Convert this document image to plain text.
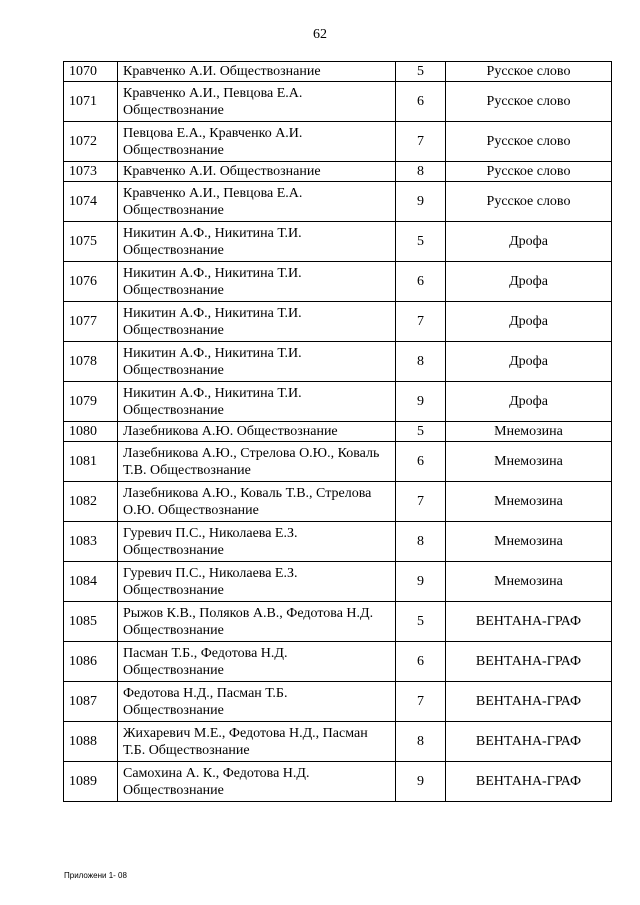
62
1070	Кравченко А.И. Обществознание	5	Русское слово
1071	Кравченко А.И., Певцова Е.А. Обществознание	6	Русское слово
1072	Певцова Е.А., Кравченко А.И. Обществознание	7	Русское слово
1073	Кравченко А.И. Обществознание	8	Русское слово
1074	Кравченко А.И., Певцова Е.А. Обществознание	9	Русское слово
1075	Никитин А.Ф., Никитина Т.И. Обществознание	5	Дрофа
1076	Никитин А.Ф., Никитина Т.И. Обществознание	6	Дрофа
1077	Никитин А.Ф., Никитина Т.И. Обществознание	7	Дрофа
1078	Никитин А.Ф., Никитина Т.И. Обществознание	8	Дрофа
1079	Никитин А.Ф., Никитина Т.И. Обществознание	9	Дрофа
1080	Лазебникова А.Ю. Обществознание	5	Мнемозина
1081	Лазебникова А.Ю., Стрелова О.Ю., Коваль Т.В. Обществознание	6	Мнемозина
1082	Лазебникова А.Ю., Коваль Т.В., Стрелова О.Ю. Обществознание	7	Мнемозина
1083	Гуревич П.С., Николаева Е.З. Обществознание	8	Мнемозина
1084	Гуревич П.С., Николаева Е.З. Обществознание	9	Мнемозина
1085	Рыжов К.В., Поляков А.В., Федотова Н.Д. Обществознание	5	ВЕНТАНА-ГРАФ
1086	Пасман Т.Б., Федотова Н.Д. Обществознание	6	ВЕНТАНА-ГРАФ
1087	Федотова Н.Д., Пасман Т.Б. Обществознание	7	ВЕНТАНА-ГРАФ
1088	Жихаревич М.Е., Федотова Н.Д., Пасман Т.Б. Обществознание	8	ВЕНТАНА-ГРАФ
1089	Самохина А. К., Федотова Н.Д. Обществознание	9	ВЕНТАНА-ГРАФ
Приложени 1- 08
